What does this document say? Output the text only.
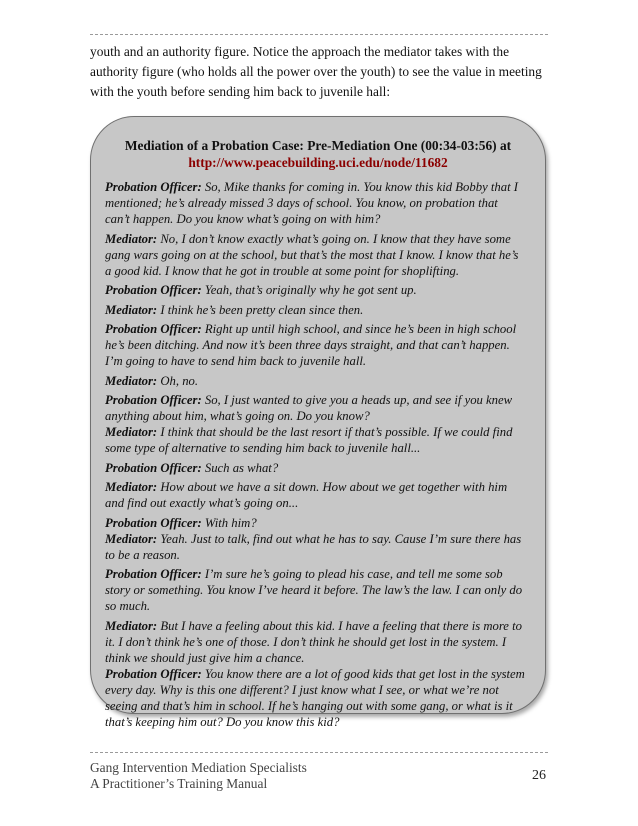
youth and an authority figure. Notice the approach the mediator takes with the authority figure (who holds all the power over the youth) to see the value in meeting with the youth before sending him back to juvenile hall:

Mediation of a Probation Case: Pre-Mediation One (00:34-03:56) at
http://www.peacebuilding.uci.edu/node/11682

Probation Officer: So, Mike thanks for coming in. You know this kid Bobby that I mentioned; he’s already missed 3 days of school. You know, on probation that can’t happen. Do you know what’s going on with him?

Mediator: No, I don’t know exactly what’s going on. I know that they have some gang wars going on at the school, but that’s the most that I know. I know that he’s a good kid. I know that he got in trouble at some point for shoplifting.

Probation Officer: Yeah, that’s originally why he got sent up.

Mediator: I think he’s been pretty clean since then.

Probation Officer: Right up until high school, and since he’s been in high school he’s been ditching. And now it’s been three days straight, and that can’t happen. I’m going to have to send him back to juvenile hall.

Mediator: Oh, no.

Probation Officer: So, I just wanted to give you a heads up, and see if you knew anything about him, what’s going on. Do you know?

Mediator: I think that should be the last resort if that’s possible. If we could find some type of alternative to sending him back to juvenile hall...

Probation Officer: Such as what?

Mediator: How about we have a sit down. How about we get together with him and find out exactly what’s going on...

Probation Officer: With him?

Mediator: Yeah. Just to talk, find out what he has to say. Cause I’m sure there has to be a reason.

Probation Officer: I’m sure he’s going to plead his case, and tell me some sob story or something. You know I’ve heard it before. The law’s the law. I can only do so much.

Mediator: But I have a feeling about this kid. I have a feeling that there is more to it. I don’t think he’s one of those. I don’t think he should get lost in the system. I think we should just give him a chance.

Probation Officer: You know there are a lot of good kids that get lost in the system every day. Why is this one different? I just know what I see, or what we’re not seeing and that’s him in school. If he’s hanging out with some gang, or what is it that’s keeping him out? Do you know this kid?

Gang Intervention Mediation Specialists
A Practitioner’s Training Manual
26
